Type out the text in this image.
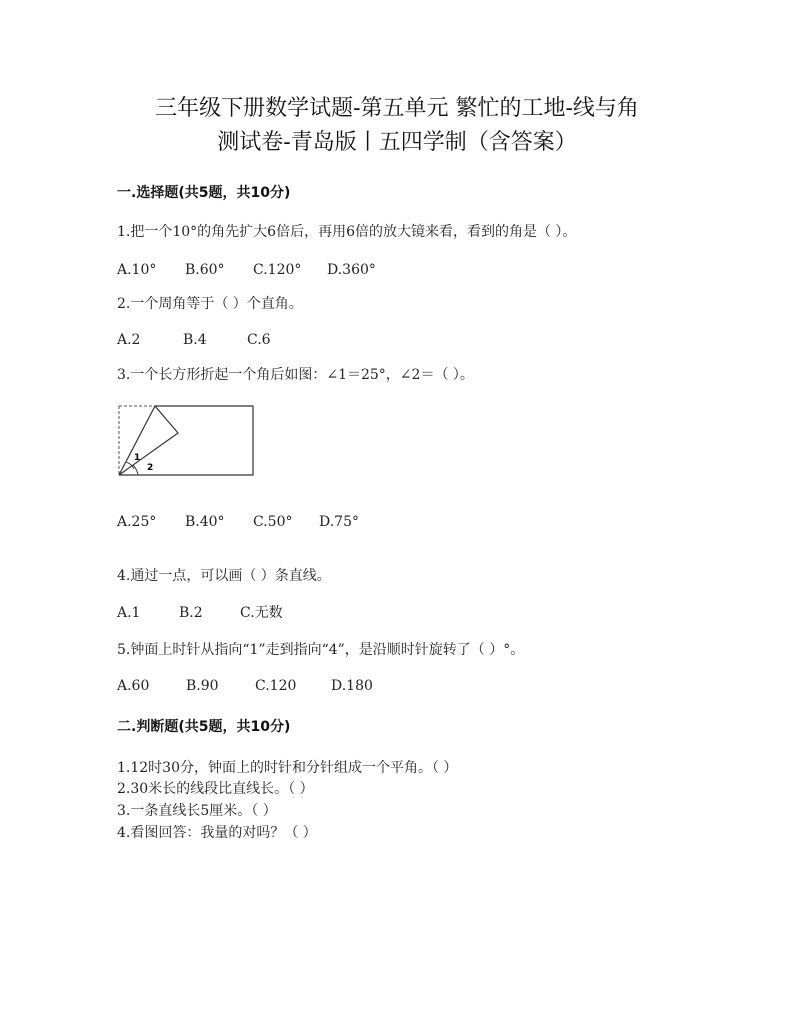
三年级下册数学试题-第五单元 繁忙的工地-线与角
测试卷-青岛版丨五四学制（含答案）
一.选择题(共5题，共10分)
1.把一个10°的角先扩大6倍后，再用6倍的放大镜来看，看到的角是（ ）。
A.10° B.60° C.120° D.360°
2.一个周角等于（ ）个直角。
A.2	B.4	C.6
3.一个长方形折起一个角后如图：∠1＝25°，∠2＝（ ）。
1
2
A.25° B.40° C.50° D.75°
4.通过一点，可以画（ ）条直线。
A.1	B.2	C.无数
5.钟面上时针从指向“1”走到指向“4”，是沿顺时针旋转了（ ）°。
A.60	B.90	C.120 D.180
二.判断题(共5题，共10分)
1.12时30分，钟面上的时针和分针组成一个平角。（ ）
2.30米长的线段比直线长。（ ）
3.一条直线长5厘米。（ ）
4.看图回答：我量的对吗？（ ）
